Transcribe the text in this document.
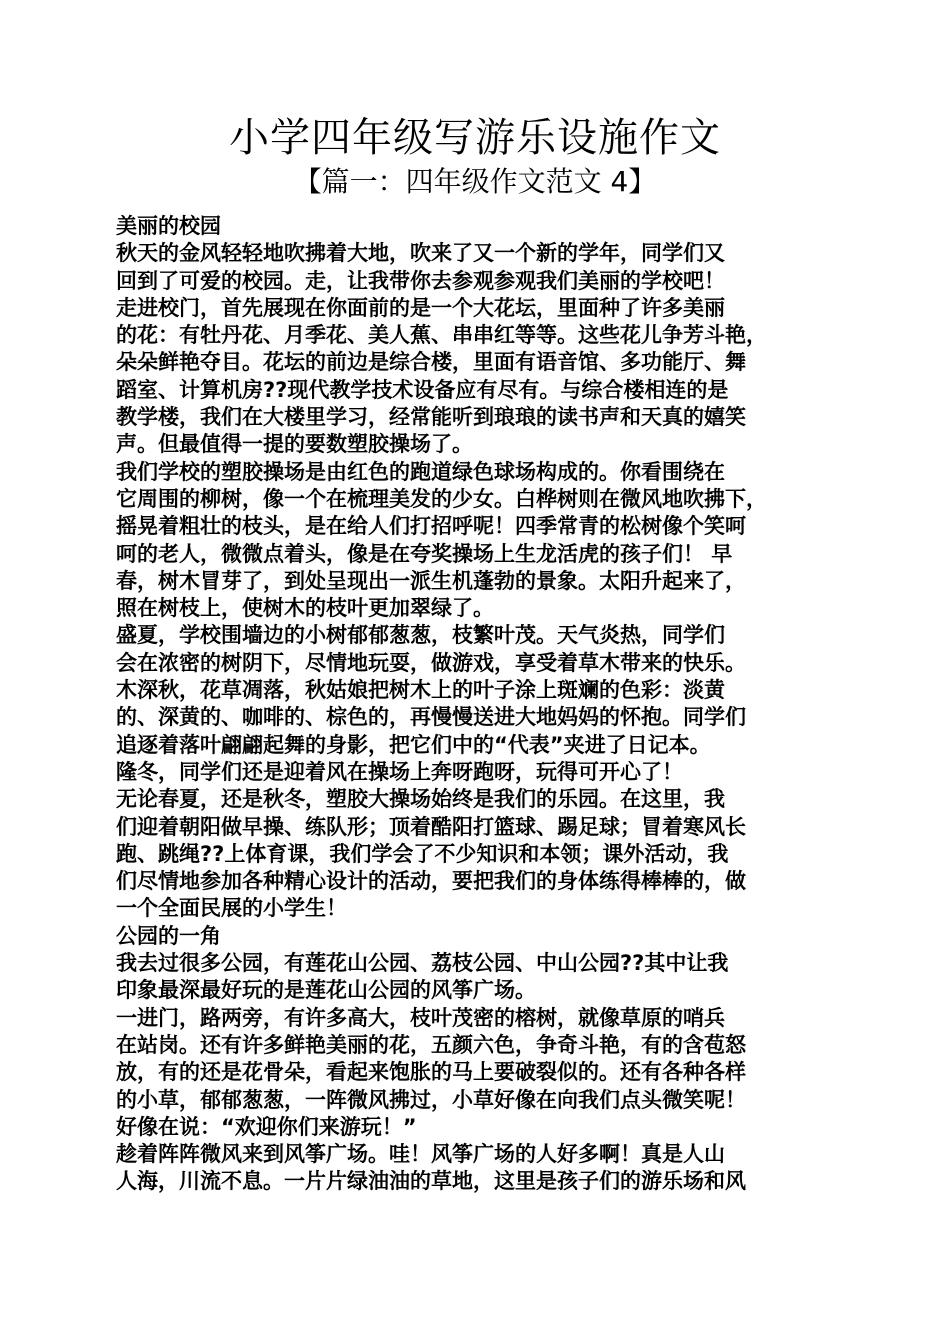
小学四年级写游乐设施作文
【篇一：四年级作文范文 4】
美丽的校园
秋天的金风轻轻地吹拂着大地，吹来了又一个新的学年，同学们又
回到了可爱的校园。走，让我带你去参观参观我们美丽的学校吧！
走进校门，首先展现在你面前的是一个大花坛，里面种了许多美丽
的花：有牡丹花、月季花、美人蕉、串串红等等。这些花儿争芳斗艳，
朵朵鲜艳夺目。花坛的前边是综合楼，里面有语音馆、多功能厅、舞
蹈室、计算机房??现代教学技术设备应有尽有。与综合楼相连的是
教学楼，我们在大楼里学习，经常能听到琅琅的读书声和天真的嬉笑
声。但最值得一提的要数塑胶操场了。
我们学校的塑胶操场是由红色的跑道绿色球场构成的。你看围绕在
它周围的柳树，像一个在梳理美发的少女。白桦树则在微风地吹拂下，
摇晃着粗壮的枝头，是在给人们打招呼呢！四季常青的松树像个笑呵
呵的老人，微微点着头，像是在夸奖操场上生龙活虎的孩子们！ 早
春，树木冒芽了，到处呈现出一派生机蓬勃的景象。太阳升起来了，
照在树枝上，使树木的枝叶更加翠绿了。
盛夏，学校围墙边的小树郁郁葱葱，枝繁叶茂。天气炎热，同学们
会在浓密的树阴下，尽情地玩耍，做游戏，享受着草木带来的快乐。
木深秋，花草凋落，秋姑娘把树木上的叶子涂上斑斓的色彩：淡黄
的、深黄的、咖啡的、棕色的，再慢慢送进大地妈妈的怀抱。同学们
追逐着落叶翩翩起舞的身影，把它们中的“代表”夹进了日记本。
隆冬，同学们还是迎着风在操场上奔呀跑呀，玩得可开心了！
无论春夏，还是秋冬，塑胶大操场始终是我们的乐园。在这里，我
们迎着朝阳做早操、练队形；顶着酷阳打篮球、踢足球；冒着寒风长
跑、跳绳??上体育课，我们学会了不少知识和本领；课外活动，我
们尽情地参加各种精心设计的活动，要把我们的身体练得棒棒的，做
一个全面民展的小学生！
公园的一角
我去过很多公园，有莲花山公园、荔枝公园、中山公园??其中让我
印象最深最好玩的是莲花山公园的风筝广场。
一进门，路两旁，有许多高大，枝叶茂密的榕树，就像草原的哨兵
在站岗。还有许多鲜艳美丽的花，五颜六色，争奇斗艳，有的含苞怒
放，有的还是花骨朵，看起来饱胀的马上要破裂似的。还有各种各样
的小草，郁郁葱葱，一阵微风拂过，小草好像在向我们点头微笑呢！
好像在说：“欢迎你们来游玩！”
趁着阵阵微风来到风筝广场。哇！风筝广场的人好多啊！真是人山
人海，川流不息。一片片绿油油的草地，这里是孩子们的游乐场和风
